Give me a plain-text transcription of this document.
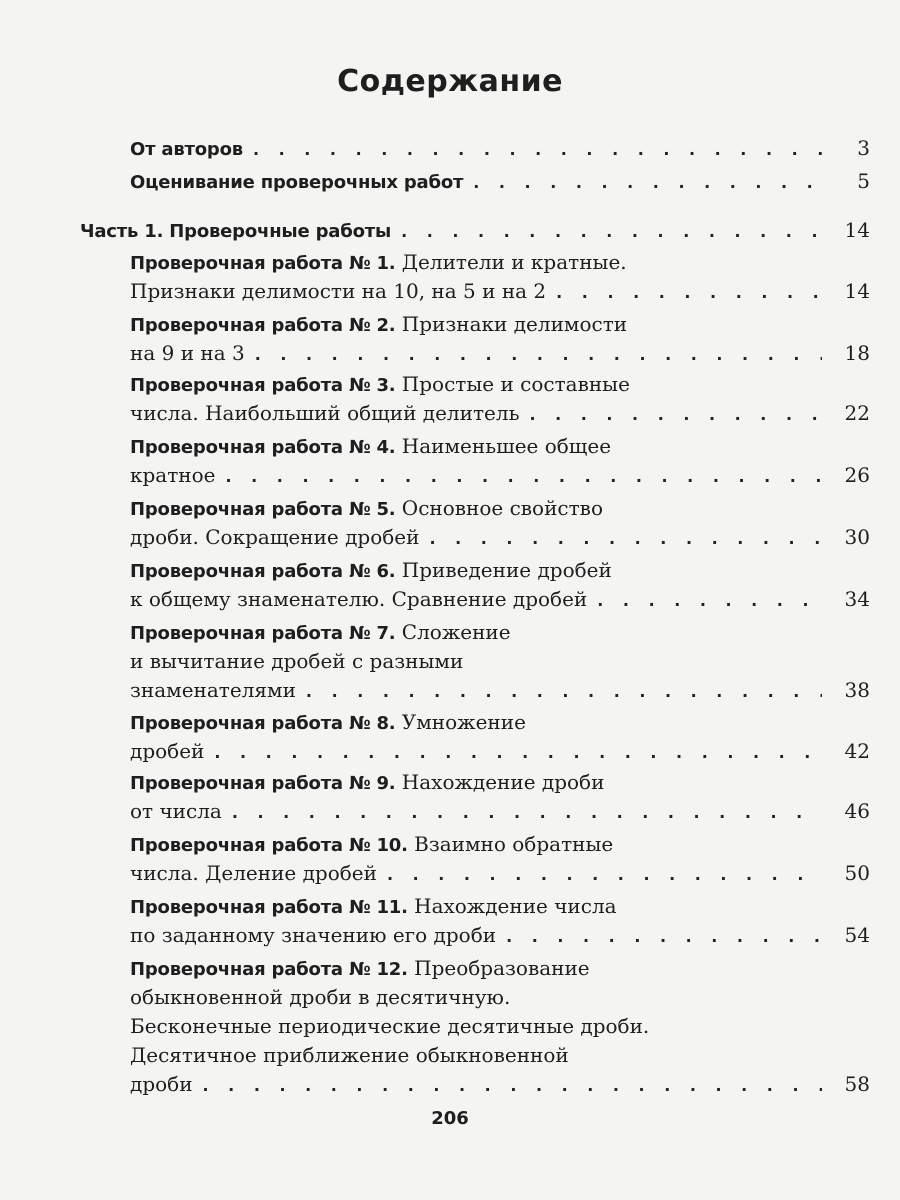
Содержание
От авторов . . .	3
Оценивание проверочных работ . . .	5
Часть 1. Проверочные работы . . .	14
Проверочная работа № 1. Делители и кратные.
Признаки делимости на 10, на 5 и на 2 . . .	14
Проверочная работа № 2. Признаки делимости
на 9 и на 3 . . .	18
Проверочная работа № 3. Простые и составные
числа. Наибольший общий делитель . . .	22
Проверочная работа № 4. Наименьшее общее
кратное . . .	26
Проверочная работа № 5. Основное свойство
дроби. Сокращение дробей . . .	30
Проверочная работа № 6. Приведение дробей
к общему знаменателю. Сравнение дробей . . .	34
Проверочная работа № 7. Сложение
и вычитание дробей с разными
знаменателями . . .	38
Проверочная работа № 8. Умножение
дробей . . .	42
Проверочная работа № 9. Нахождение дроби
от числа . . .	46
Проверочная работа № 10. Взаимно обратные
числа. Деление дробей . . .	50
Проверочная работа № 11. Нахождение числа
по заданному значению его дроби . . .	54
Проверочная работа № 12. Преобразование
обыкновенной дроби в десятичную.
Бесконечные периодические десятичные дроби.
Десятичное приближение обыкновенной
дроби . . .	58
206
